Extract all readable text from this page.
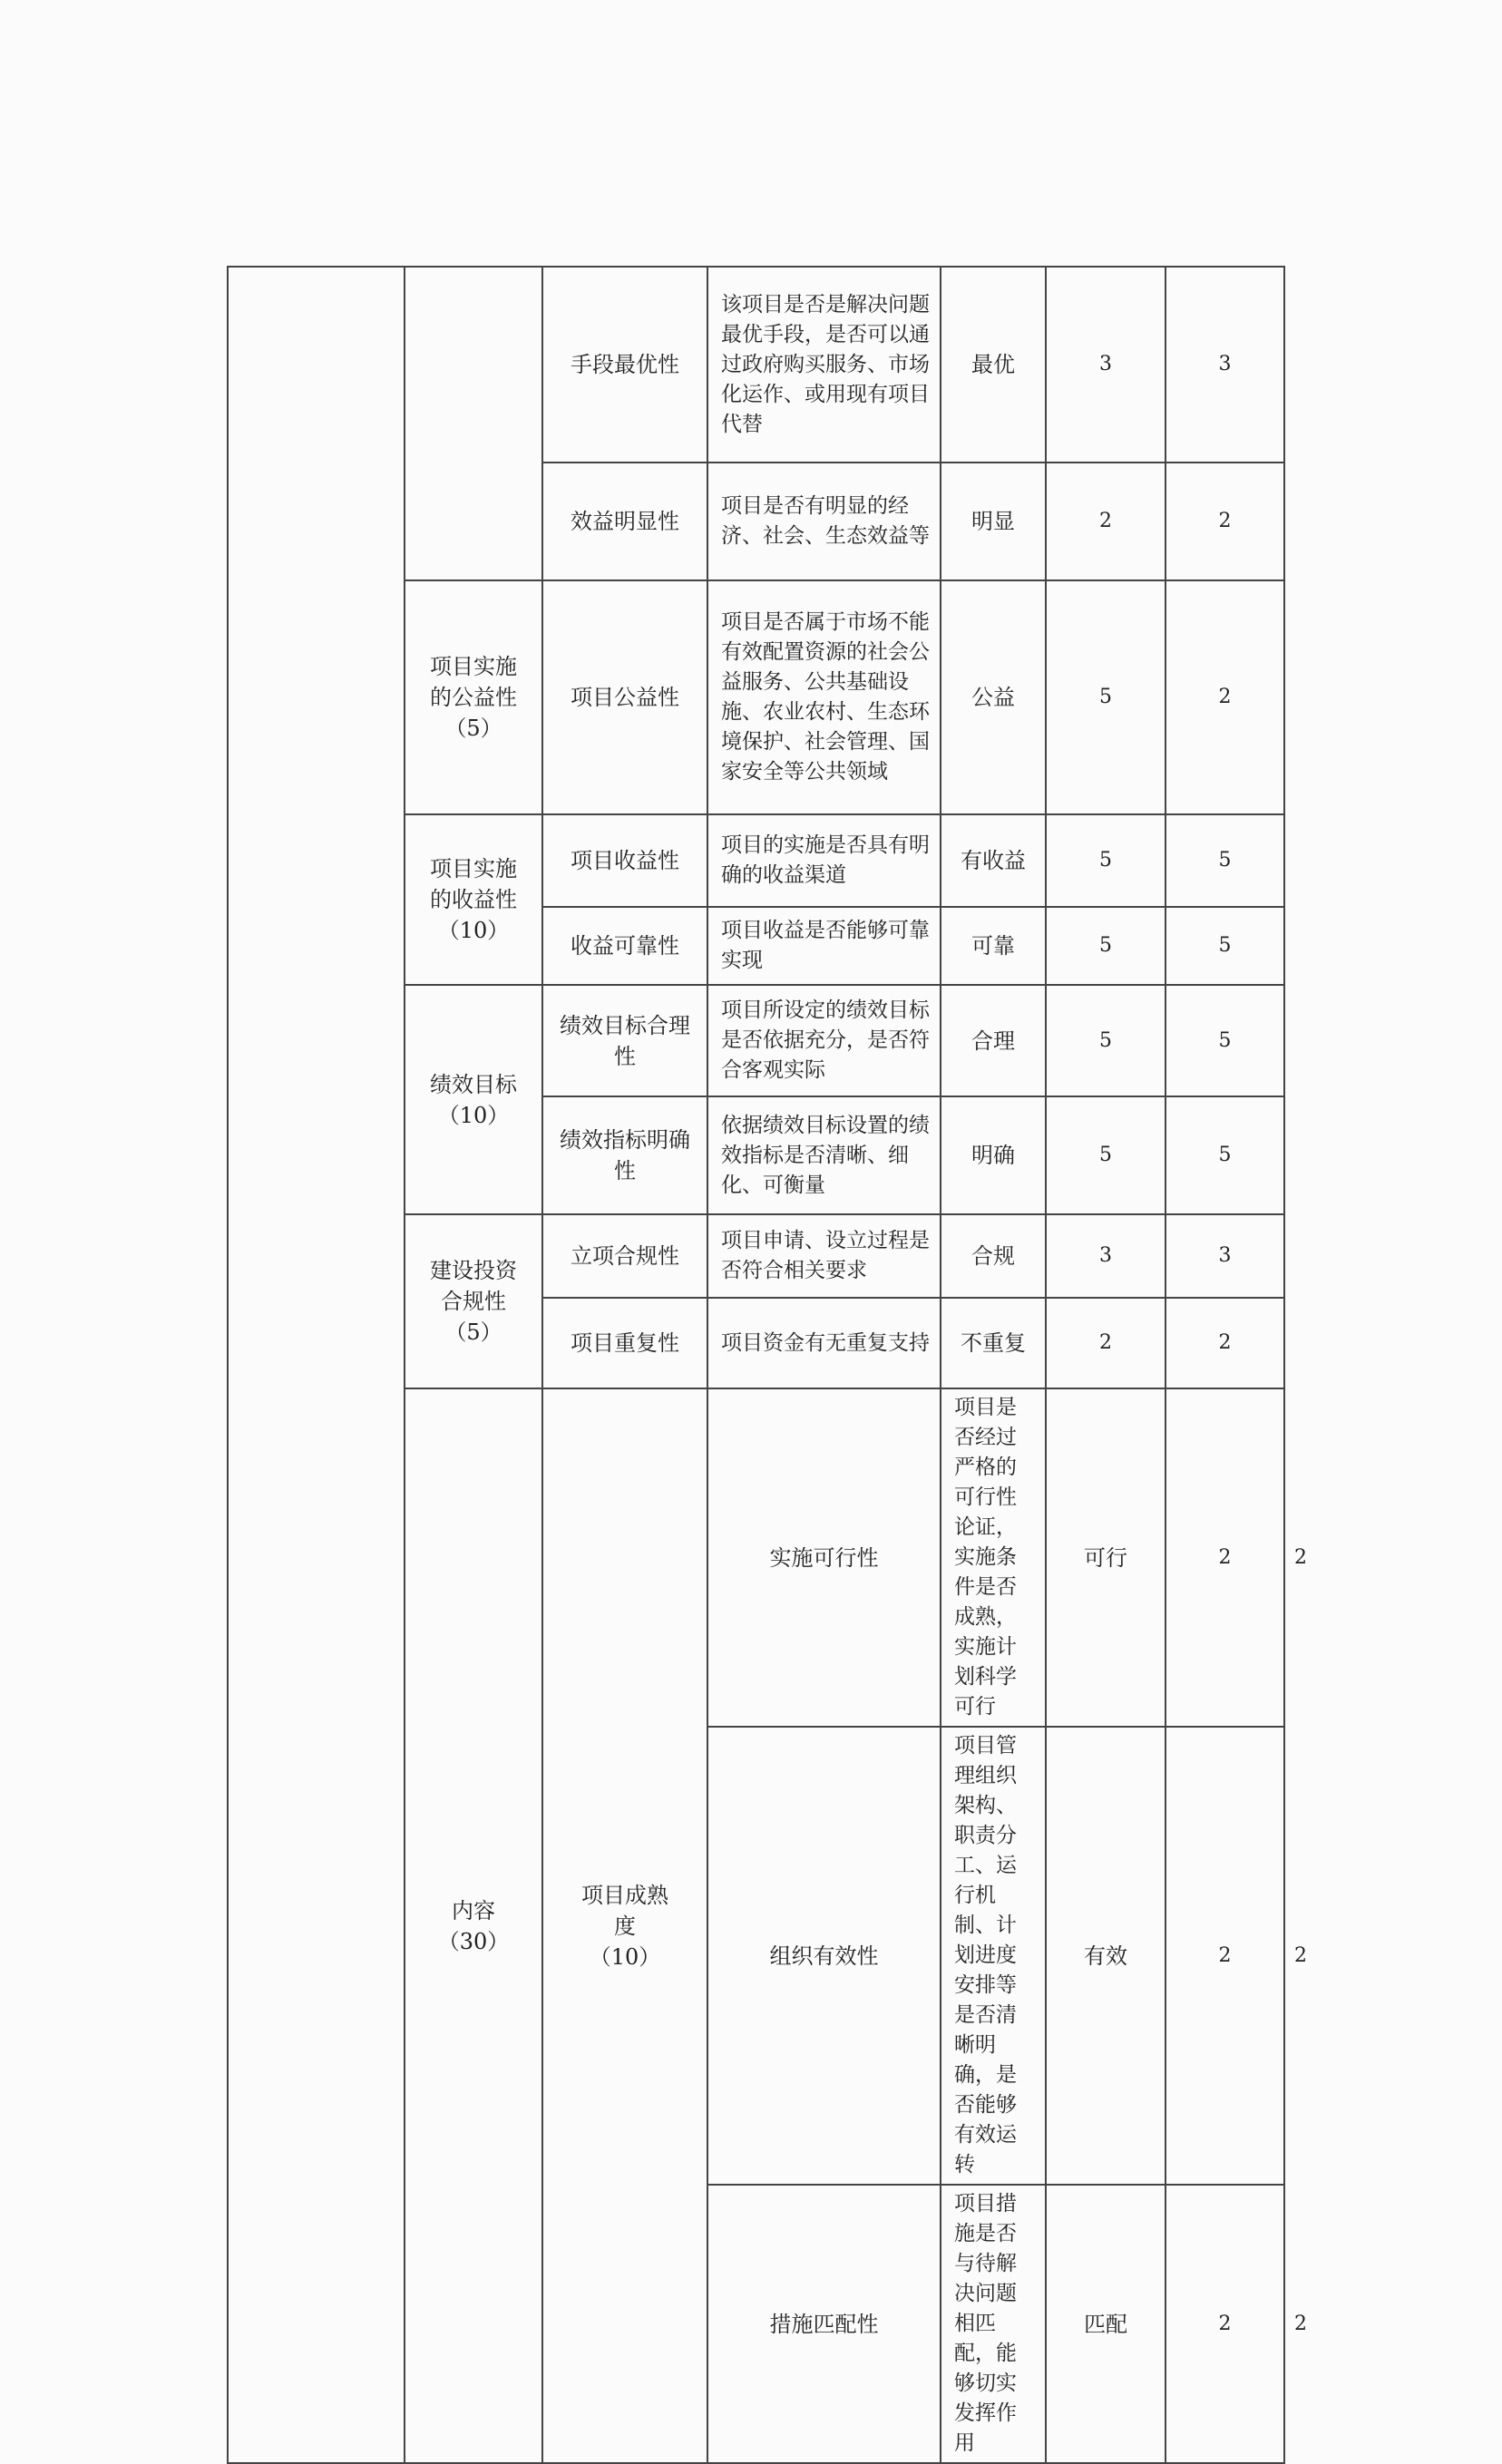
		手段最优性	该项目是否是解决问题最优手段，是否可以通过政府购买服务、市场化运作、或用现有项目代替	最优	3	3	
		效益明显性	项目是否有明显的经济、社会、生态效益等	明显	2	2	

	项目实施
的公益性
（5）	项目公益性	项目是否属于市场不能有效配置资源的社会公益服务、公共基础设施、农业农村、生态环境保护、社会管理、国家安全等公共领域	公益	5	2	

	项目实施
的收益性
（10）	项目收益性	项目的实施是否具有明确的收益渠道	有收益	5	5	
		收益可靠性	项目收益是否能够可靠实现	可靠	5	5	

	绩效目标
（10）	绩效目标合理性	项目所设定的绩效目标是否依据充分，是否符合客观实际	合理	5	5	
		绩效指标明确性	依据绩效目标设置的绩效指标是否清晰、细化、可衡量	明确	5	5	

	建设投资
合规性
（5）	立项合规性	项目申请、设立过程是否符合相关要求	合规	3	3	
		项目重复性	项目资金有无重复支持	不重复	2	2	

	内容
（30）	项目成熟
度
（10）	实施可行性	项目是否经过严格的可行性论证，实施条件是否成熟，实施计划科学可行	可行	2	2
			组织有效性	项目管理组织架构、职责分工、运行机制、计划进度安排等是否清晰明确，是否能够有效运转	有效	2	2
			措施匹配性	项目措施是否与待解决问题相匹配，能够切实发挥作用	匹配	2	2
